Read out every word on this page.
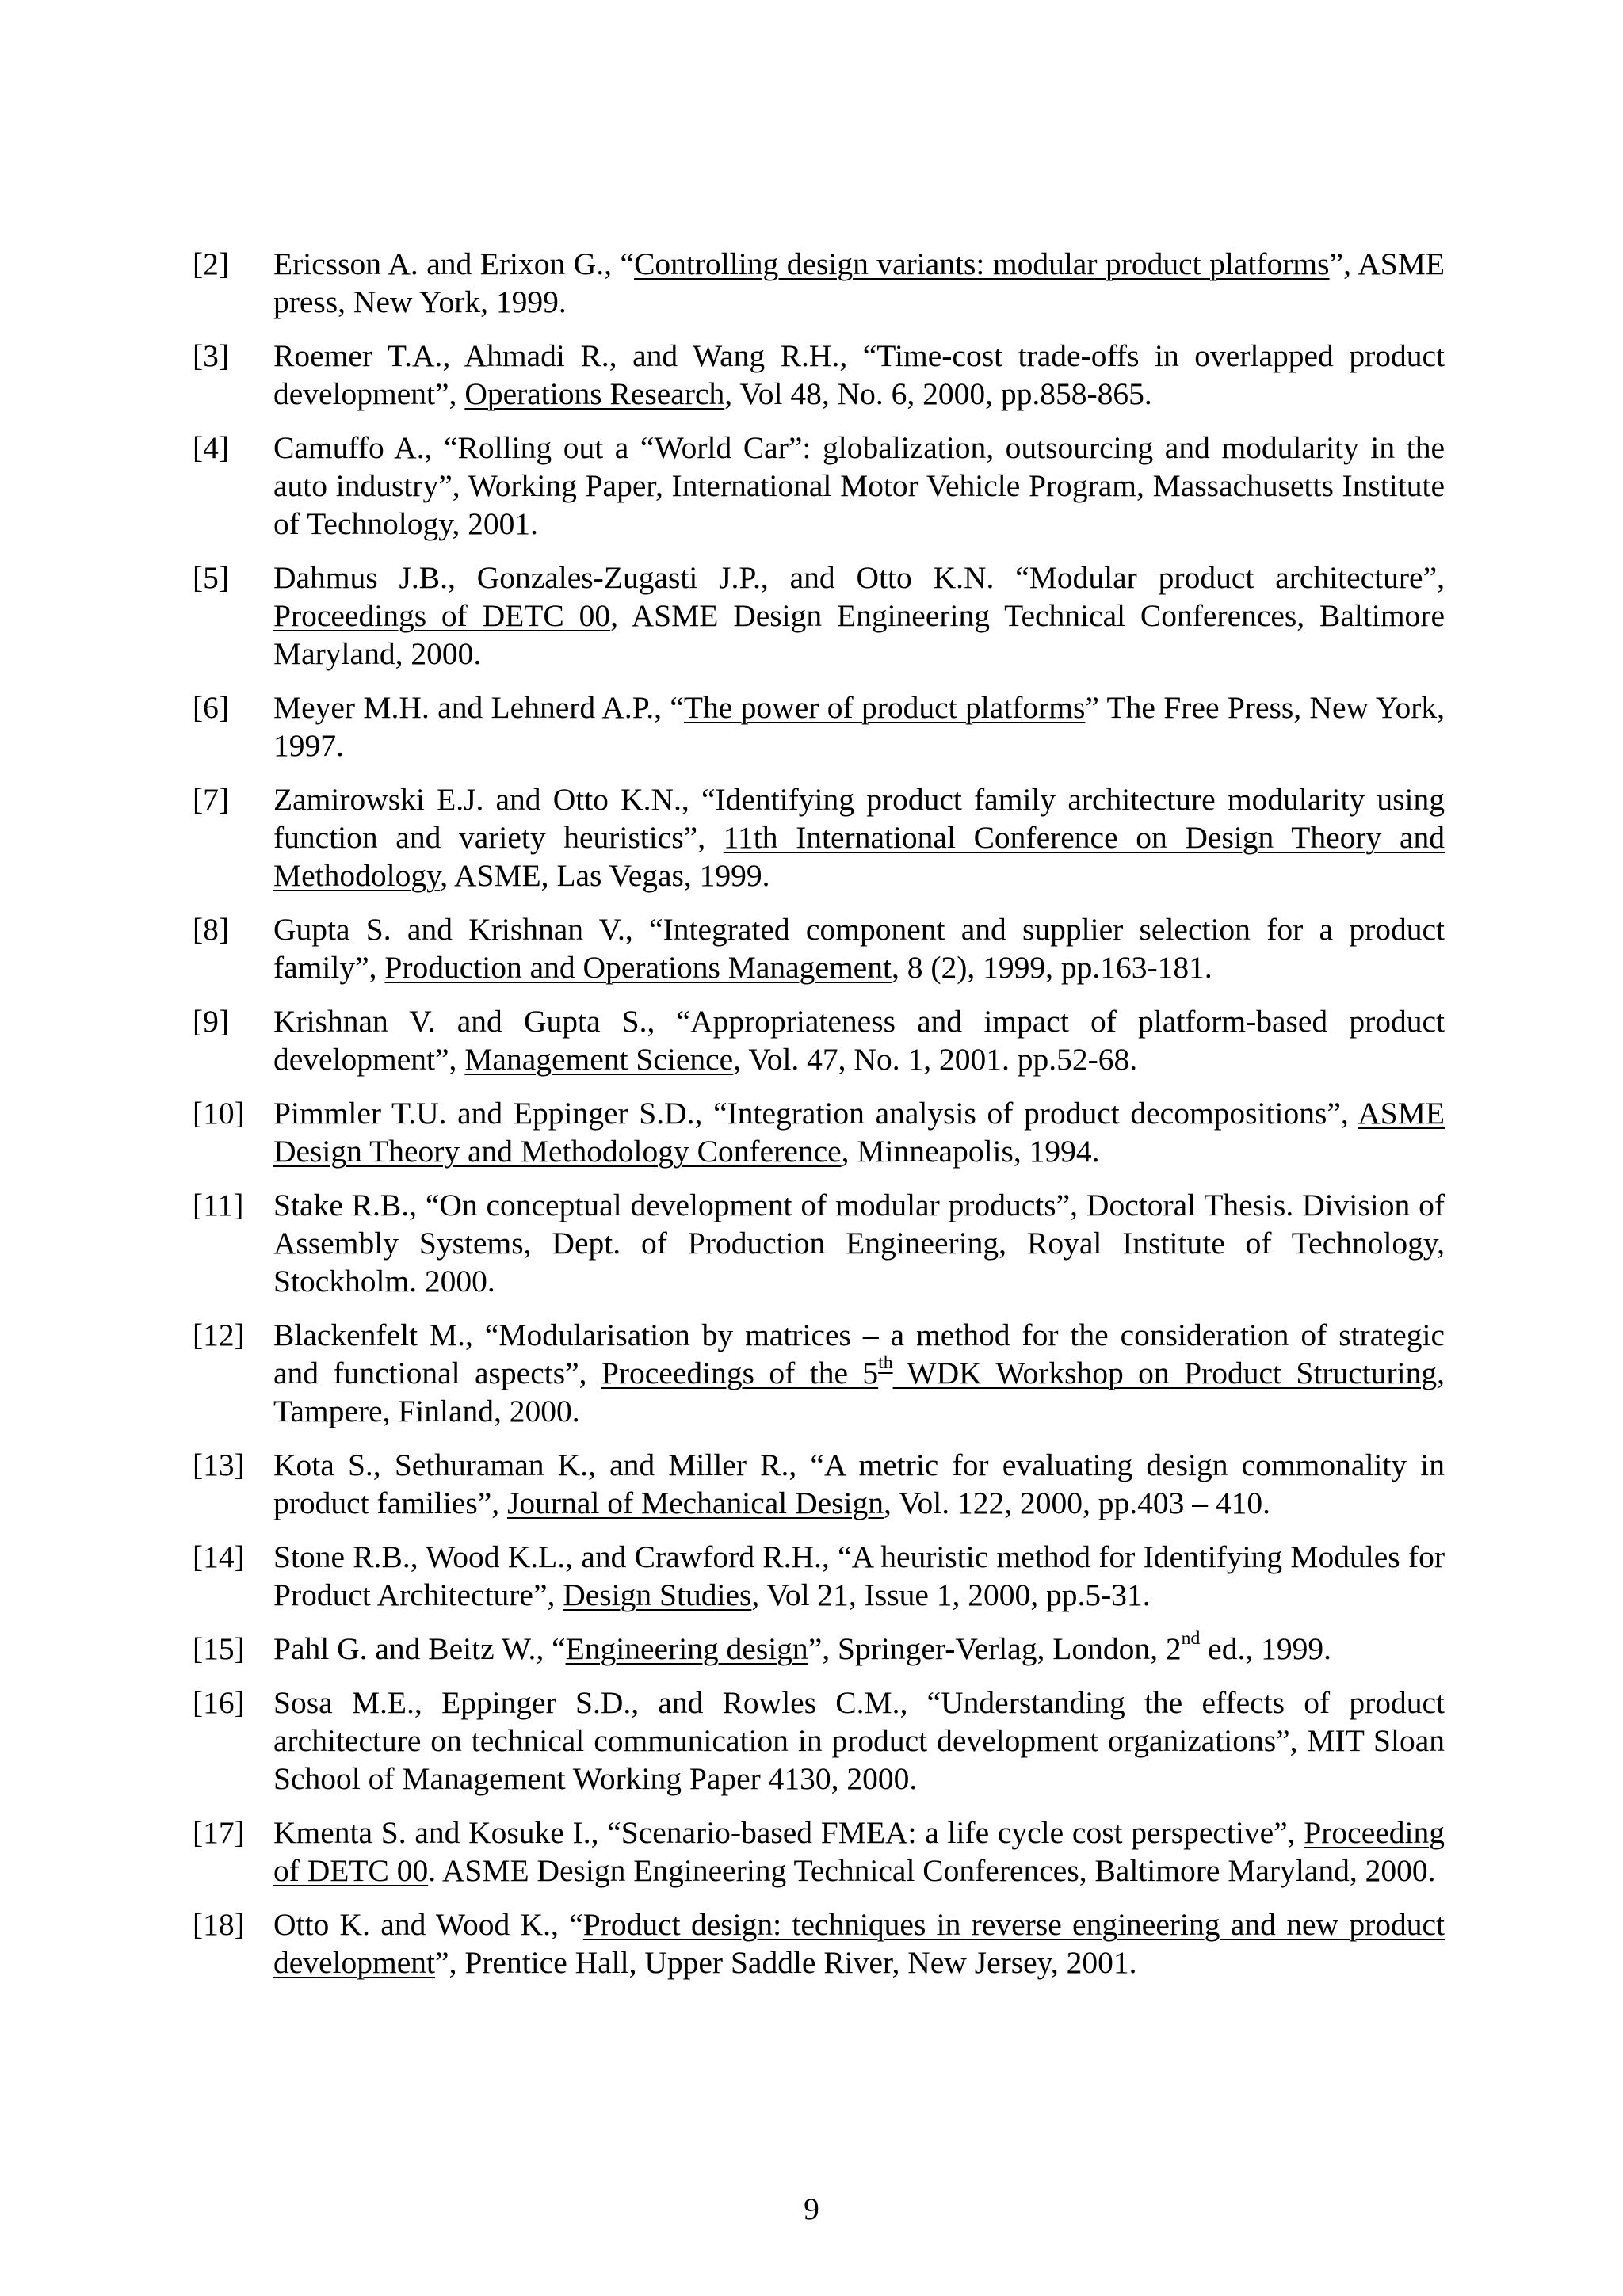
[2] Ericsson A. and Erixon G., “Controlling design variants: modular product platforms”, ASME press, New York, 1999.
[3] Roemer T.A., Ahmadi R., and Wang R.H., “Time-cost trade-offs in overlapped product development”, Operations Research, Vol 48, No. 6, 2000, pp.858-865.
[4] Camuffo A., “Rolling out a “World Car”: globalization, outsourcing and modularity in the auto industry”, Working Paper, International Motor Vehicle Program, Massachusetts Institute of Technology, 2001.
[5] Dahmus J.B., Gonzales-Zugasti J.P., and Otto K.N. “Modular product architecture”, Proceedings of DETC 00, ASME Design Engineering Technical Conferences, Baltimore Maryland, 2000.
[6] Meyer M.H. and Lehnerd A.P., “The power of product platforms” The Free Press, New York, 1997.
[7] Zamirowski E.J. and Otto K.N., “Identifying product family architecture modularity using function and variety heuristics”, 11th International Conference on Design Theory and Methodology, ASME, Las Vegas, 1999.
[8] Gupta S. and Krishnan V., “Integrated component and supplier selection for a product family”, Production and Operations Management, 8 (2), 1999, pp.163-181.
[9] Krishnan V. and Gupta S., “Appropriateness and impact of platform-based product development”, Management Science, Vol. 47, No. 1, 2001. pp.52-68.
[10] Pimmler T.U. and Eppinger S.D., “Integration analysis of product decompositions”, ASME Design Theory and Methodology Conference, Minneapolis, 1994.
[11] Stake R.B., “On conceptual development of modular products”, Doctoral Thesis. Division of Assembly Systems, Dept. of Production Engineering, Royal Institute of Technology, Stockholm. 2000.
[12] Blackenfelt M., “Modularisation by matrices – a method for the consideration of strategic and functional aspects”, Proceedings of the 5th WDK Workshop on Product Structuring, Tampere, Finland, 2000.
[13] Kota S., Sethuraman K., and Miller R., “A metric for evaluating design commonality in product families”, Journal of Mechanical Design, Vol. 122, 2000, pp.403 – 410.
[14] Stone R.B., Wood K.L., and Crawford R.H., “A heuristic method for Identifying Modules for Product Architecture”, Design Studies, Vol 21, Issue 1, 2000, pp.5-31.
[15] Pahl G. and Beitz W., “Engineering design”, Springer-Verlag, London, 2nd ed., 1999.
[16] Sosa M.E., Eppinger S.D., and Rowles C.M., “Understanding the effects of product architecture on technical communication in product development organizations”, MIT Sloan School of Management Working Paper 4130, 2000.
[17] Kmenta S. and Kosuke I., “Scenario-based FMEA: a life cycle cost perspective”, Proceeding of DETC 00. ASME Design Engineering Technical Conferences, Baltimore Maryland, 2000.
[18] Otto K. and Wood K., “Product design: techniques in reverse engineering and new product development”, Prentice Hall, Upper Saddle River, New Jersey, 2001.
9
